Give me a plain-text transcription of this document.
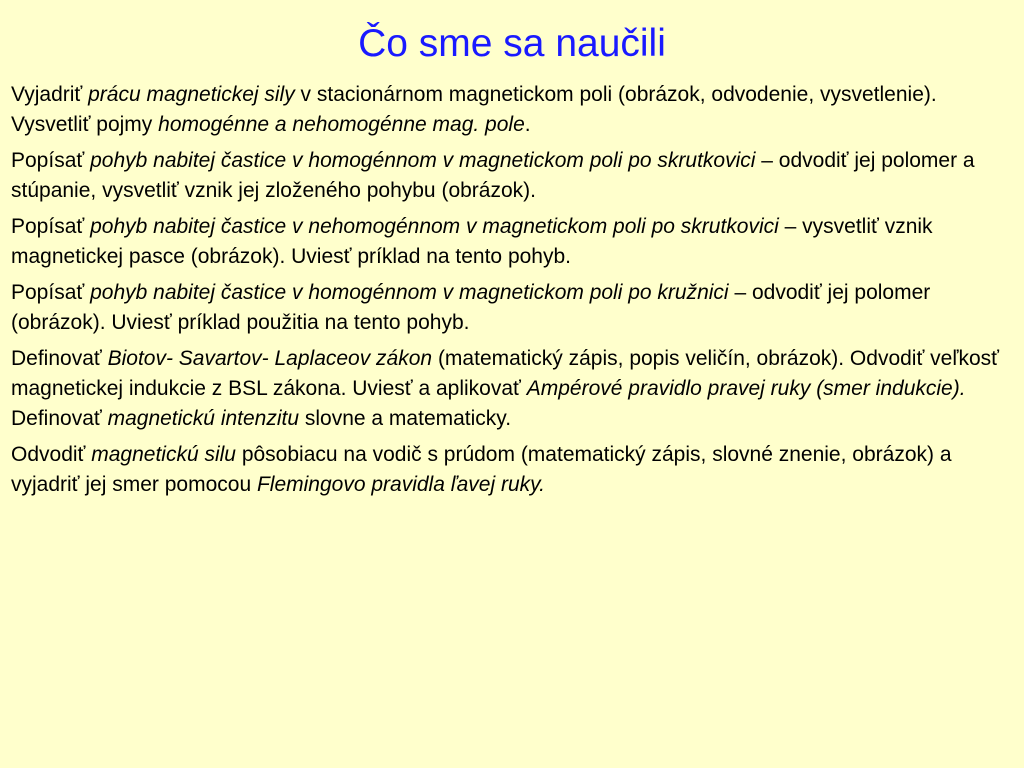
Čo sme sa naučili

Vyjadriť prácu magnetickej sily v stacionárnom magnetickom poli (obrázok, odvodenie, vysvetlenie). Vysvetliť pojmy homogénne a nehomogénne mag. pole.

Popísať pohyb nabitej častice v homogénnom v magnetickom poli po skrutkovici – odvodiť jej polomer a stúpanie, vysvetliť vznik jej zloženého pohybu (obrázok).

Popísať pohyb nabitej častice v nehomogénnom v magnetickom poli po skrutkovici – vysvetliť vznik magnetickej pasce (obrázok). Uviesť príklad na tento pohyb.

Popísať pohyb nabitej častice v homogénnom v magnetickom poli po kružnici – odvodiť jej polomer (obrázok). Uviesť príklad použitia na tento pohyb.

Definovať Biotov- Savartov- Laplaceov zákon (matematický zápis, popis veličín, obrázok). Odvodiť veľkosť magnetickej indukcie z BSL zákona. Uviesť a aplikovať Ampérové pravidlo pravej ruky (smer indukcie). Definovať magnetickú intenzitu slovne a matematicky.

Odvodiť magnetickú silu pôsobiacu na vodič s prúdom (matematický zápis, slovné znenie, obrázok) a vyjadriť jej smer pomocou Flemingovo pravidla ľavej ruky.
